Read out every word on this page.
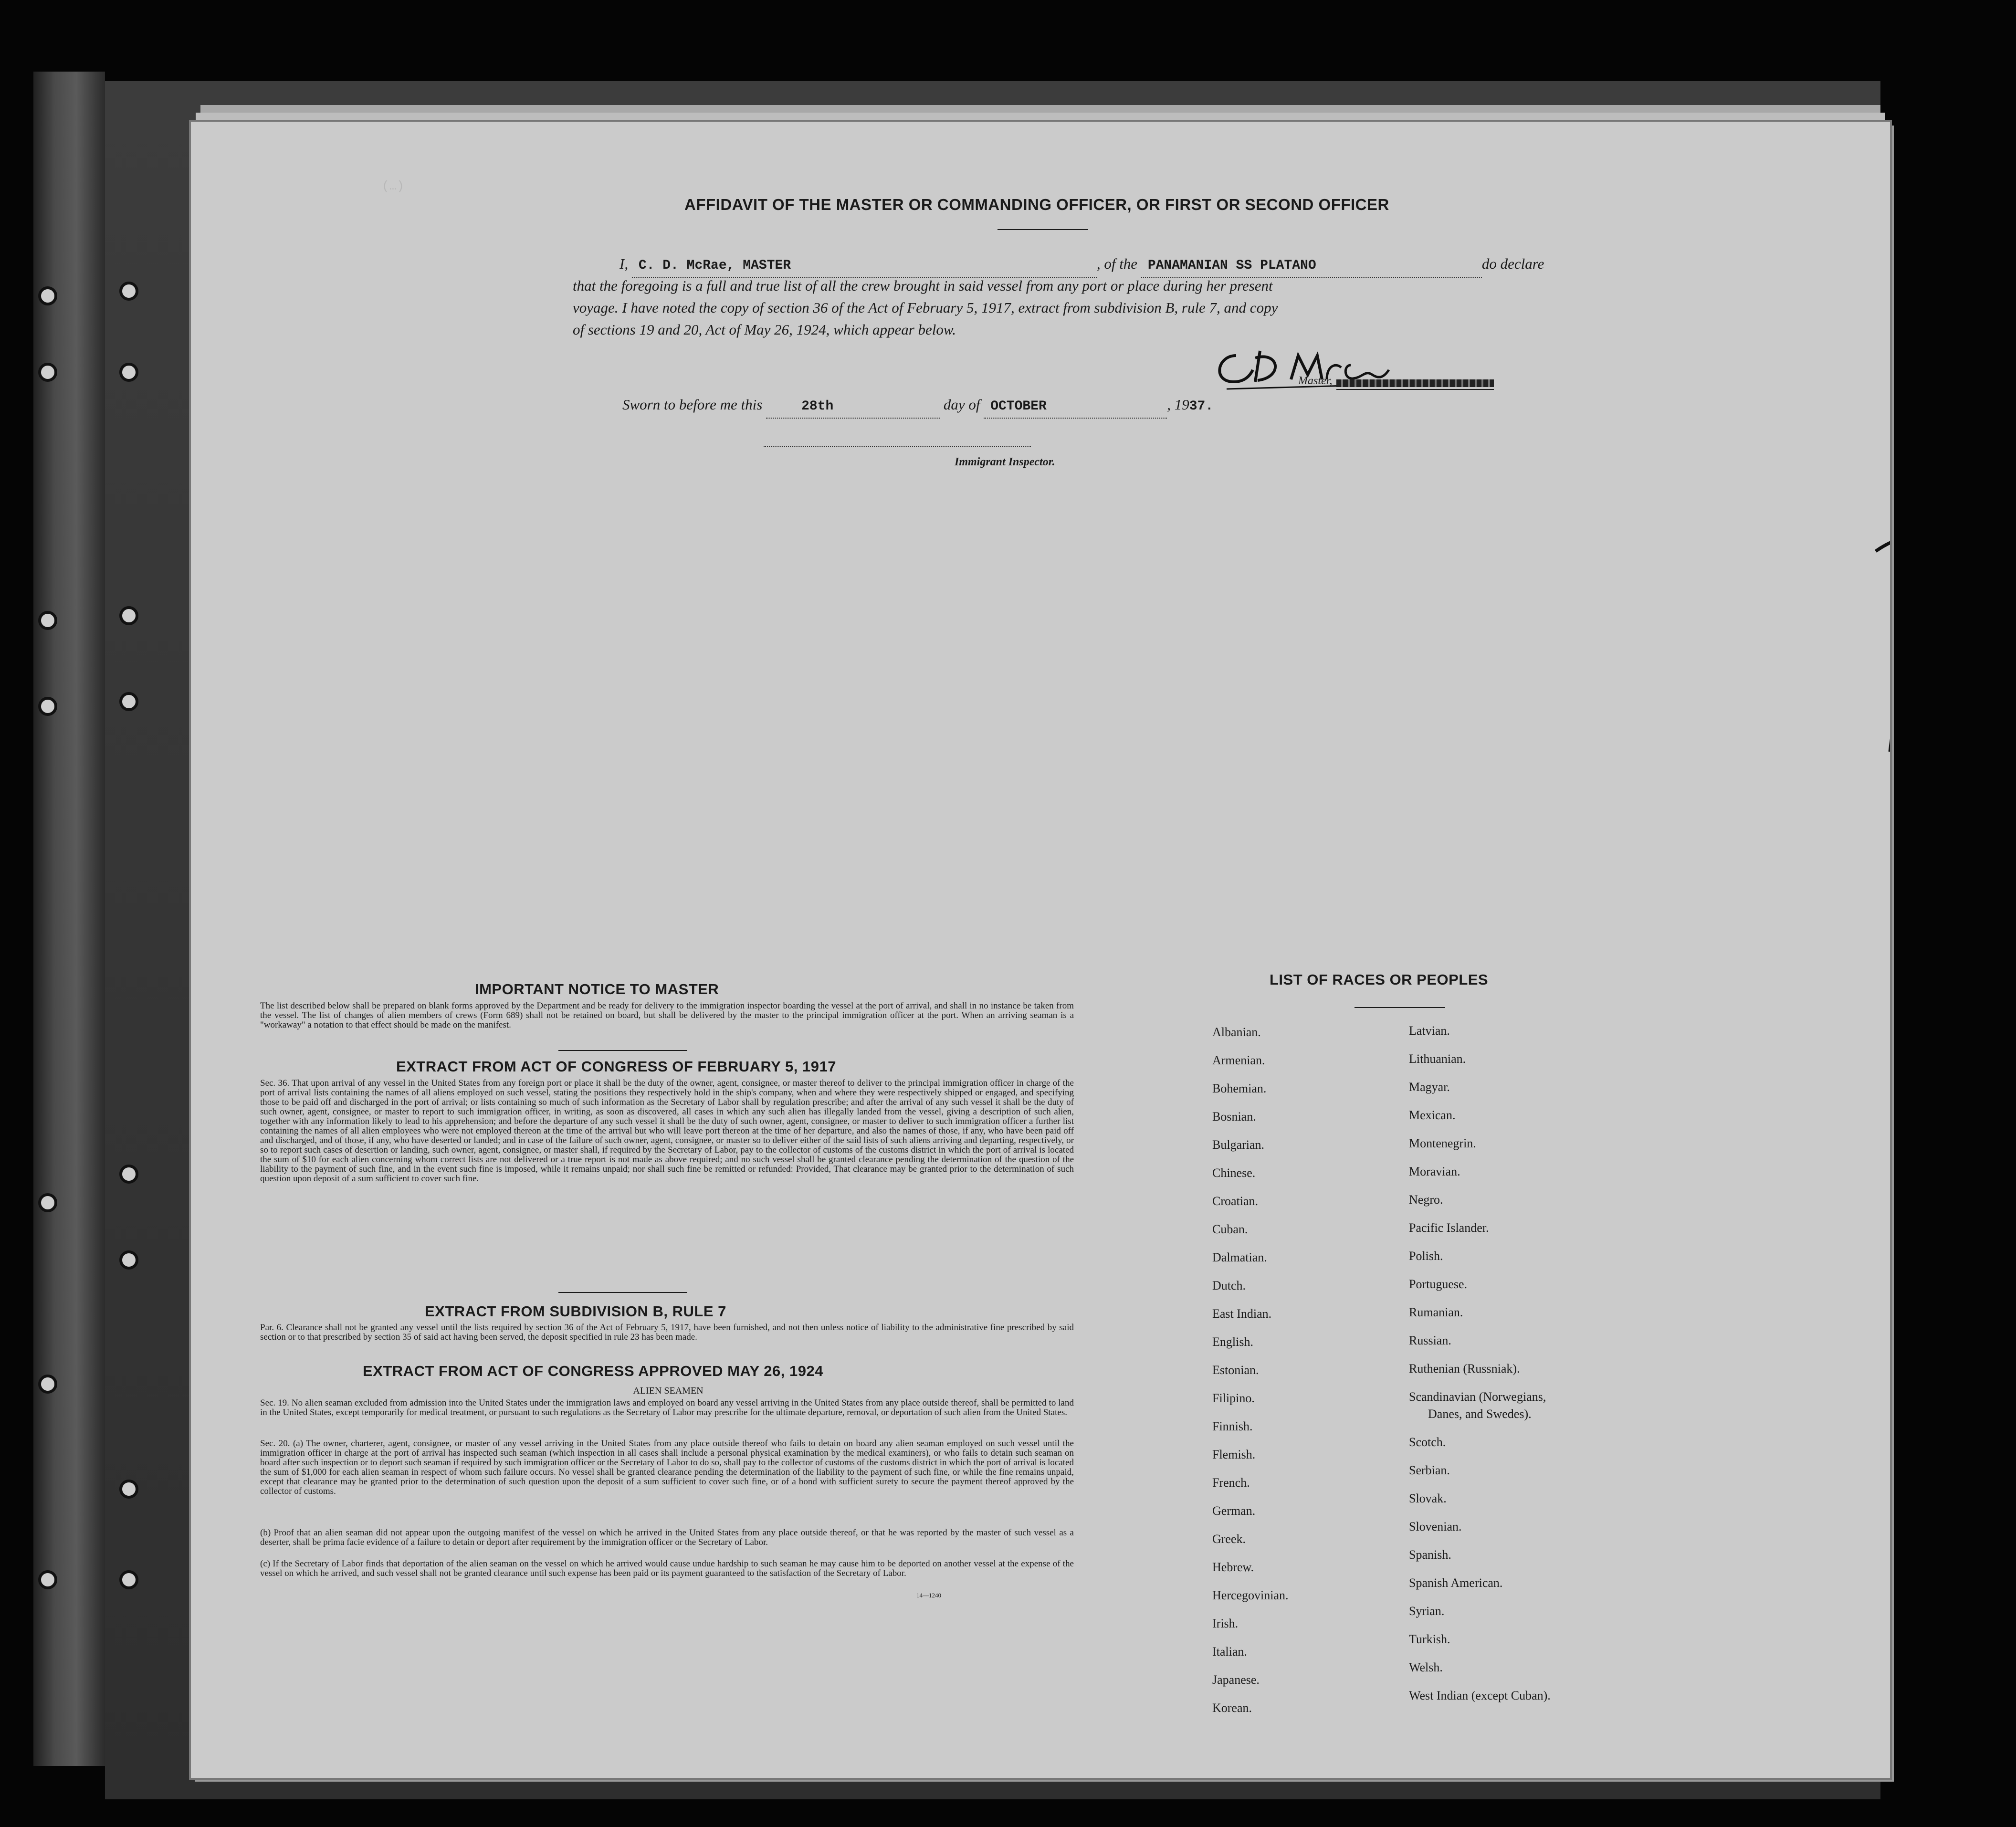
(…)
AFFIDAVIT OF THE MASTER OR COMMANDING OFFICER, OR FIRST OR SECOND OFFICER
I, C. D. McRae, MASTER	, of the PANAMANIAN SS PLATANO	do declare
that the foregoing is a full and true list of all the crew brought in said vessel from any port or place during her present
voyage. I have noted the copy of section 36 of the Act of February 5, 1917, extract from subdivision B, rule 7, and copy
of sections 19 and 20, Act of May 26, 1924, which appear below.
Master,
Sworn to before me this	28th	day of OCTOBER	, 1937.
Immigrant Inspector.
IMPORTANT NOTICE TO MASTER
The list described below shall be prepared on blank forms approved by the Department and be ready for delivery to the immigration inspector boarding the vessel at the port of arrival, and shall in no instance be taken from the vessel. The list of changes of alien members of crews (Form 689) shall not be retained on board, but shall be delivered by the master to the principal immigration officer at the port. When an arriving seaman is a "workaway" a notation to that effect should be made on the manifest.
EXTRACT FROM ACT OF CONGRESS OF FEBRUARY 5, 1917
Sec. 36. That upon arrival of any vessel in the United States from any foreign port or place it shall be the duty of the owner, agent, consignee, or master thereof to deliver to the principal immigration officer in charge of the port of arrival lists containing the names of all aliens employed on such vessel, stating the positions they respectively hold in the ship's company, when and where they were respectively shipped or engaged, and specifying those to be paid off and discharged in the port of arrival; or lists containing so much of such information as the Secretary of Labor shall by regulation prescribe; and after the arrival of any such vessel it shall be the duty of such owner, agent, consignee, or master to report to such immigration officer, in writing, as soon as discovered, all cases in which any such alien has illegally landed from the vessel, giving a description of such alien, together with any information likely to lead to his apprehension; and before the departure of any such vessel it shall be the duty of such owner, agent, consignee, or master to deliver to such immigration officer a further list containing the names of all alien employees who were not employed thereon at the time of the arrival but who will leave port thereon at the time of her departure, and also the names of those, if any, who have been paid off and discharged, and of those, if any, who have deserted or landed; and in case of the failure of such owner, agent, consignee, or master so to deliver either of the said lists of such aliens arriving and departing, respectively, or so to report such cases of desertion or landing, such owner, agent, consignee, or master shall, if required by the Secretary of Labor, pay to the collector of customs of the customs district in which the port of arrival is located the sum of $10 for each alien concerning whom correct lists are not delivered or a true report is not made as above required; and no such vessel shall be granted clearance pending the determination of the question of the liability to the payment of such fine, and in the event such fine is imposed, while it remains unpaid; nor shall such fine be remitted or refunded: Provided, That clearance may be granted prior to the determination of such question upon deposit of a sum sufficient to cover such fine.
EXTRACT FROM SUBDIVISION B, RULE 7
Par. 6. Clearance shall not be granted any vessel until the lists required by section 36 of the Act of February 5, 1917, have been furnished, and not then unless notice of liability to the administrative fine prescribed by said section or to that prescribed by section 35 of said act having been served, the deposit specified in rule 23 has been made.
EXTRACT FROM ACT OF CONGRESS APPROVED MAY 26, 1924
ALIEN SEAMEN
Sec. 19. No alien seaman excluded from admission into the United States under the immigration laws and employed on board any vessel arriving in the United States from any place outside thereof, shall be permitted to land in the United States, except temporarily for medical treatment, or pursuant to such regulations as the Secretary of Labor may prescribe for the ultimate departure, removal, or deportation of such alien from the United States.
Sec. 20. (a) The owner, charterer, agent, consignee, or master of any vessel arriving in the United States from any place outside thereof who fails to detain on board any alien seaman employed on such vessel until the immigration officer in charge at the port of arrival has inspected such seaman (which inspection in all cases shall include a personal physical examination by the medical examiners), or who fails to detain such seaman on board after such inspection or to deport such seaman if required by such immigration officer or the Secretary of Labor to do so, shall pay to the collector of customs of the customs district in which the port of arrival is located the sum of $1,000 for each alien seaman in respect of whom such failure occurs. No vessel shall be granted clearance pending the determination of the liability to the payment of such fine, or while the fine remains unpaid, except that clearance may be granted prior to the determination of such question upon the deposit of a sum sufficient to cover such fine, or of a bond with sufficient surety to secure the payment thereof approved by the collector of customs.
(b) Proof that an alien seaman did not appear upon the outgoing manifest of the vessel on which he arrived in the United States from any place outside thereof, or that he was reported by the master of such vessel as a deserter, shall be prima facie evidence of a failure to detain or deport after requirement by the immigration officer or the Secretary of Labor.
(c) If the Secretary of Labor finds that deportation of the alien seaman on the vessel on which he arrived would cause undue hardship to such seaman he may cause him to be deported on another vessel at the expense of the vessel on which he arrived, and such vessel shall not be granted clearance until such expense has been paid or its payment guaranteed to the satisfaction of the Secretary of Labor.
14—1240
LIST OF RACES OR PEOPLES
Albanian.
Armenian.
Bohemian.
Bosnian.
Bulgarian.
Chinese.
Croatian.
Cuban.
Dalmatian.
Dutch.
East Indian.
English.
Estonian.
Filipino.
Finnish.
Flemish.
French.
German.
Greek.
Hebrew.
Hercegovinian.
Irish.
Italian.
Japanese.
Korean.
Latvian.
Lithuanian.
Magyar.
Mexican.
Montenegrin.
Moravian.
Negro.
Pacific Islander.
Polish.
Portuguese.
Rumanian.
Russian.
Ruthenian (Russniak).
Scandinavian (Norwegians,
Danes, and Swedes).
Scotch.
Serbian.
Slovak.
Slovenian.
Spanish.
Spanish American.
Syrian.
Turkish.
Welsh.
West Indian (except Cuban).
